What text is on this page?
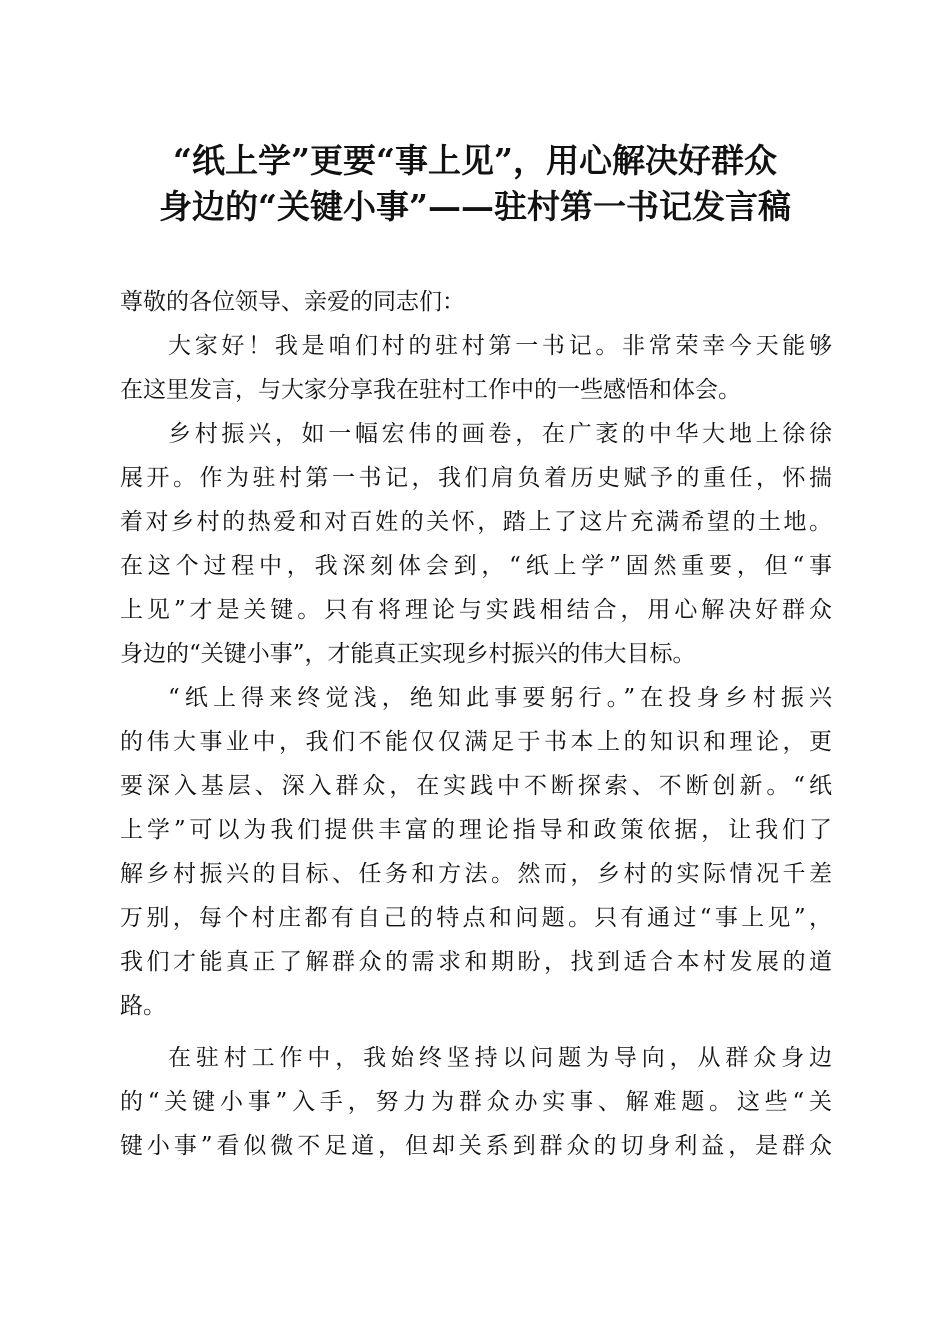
“纸上学”更要“事上见”，用心解决好群众
身边的“关键小事”——驻村第一书记发言稿
尊敬的各位领导、亲爱的同志们：
大家好！我是咱们村的驻村第一书记。非常荣幸今天能够
在这里发言，与大家分享我在驻村工作中的一些感悟和体会。
乡村振兴，如一幅宏伟的画卷，在广袤的中华大地上徐徐
展开。作为驻村第一书记，我们肩负着历史赋予的重任，怀揣
着对乡村的热爱和对百姓的关怀，踏上了这片充满希望的土地。
在这个过程中，我深刻体会到，“纸上学”固然重要，但“事
上见”才是关键。只有将理论与实践相结合，用心解决好群众
身边的“关键小事”，才能真正实现乡村振兴的伟大目标。
“纸上得来终觉浅，绝知此事要躬行。”在投身乡村振兴
的伟大事业中，我们不能仅仅满足于书本上的知识和理论，更
要深入基层、深入群众，在实践中不断探索、不断创新。“纸
上学”可以为我们提供丰富的理论指导和政策依据，让我们了
解乡村振兴的目标、任务和方法。然而，乡村的实际情况千差
万别，每个村庄都有自己的特点和问题。只有通过“事上见”，
我们才能真正了解群众的需求和期盼，找到适合本村发展的道
路。
在驻村工作中，我始终坚持以问题为导向，从群众身边
的“关键小事”入手，努力为群众办实事、解难题。这些“关
键小事”看似微不足道，但却关系到群众的切身利益，是群众
